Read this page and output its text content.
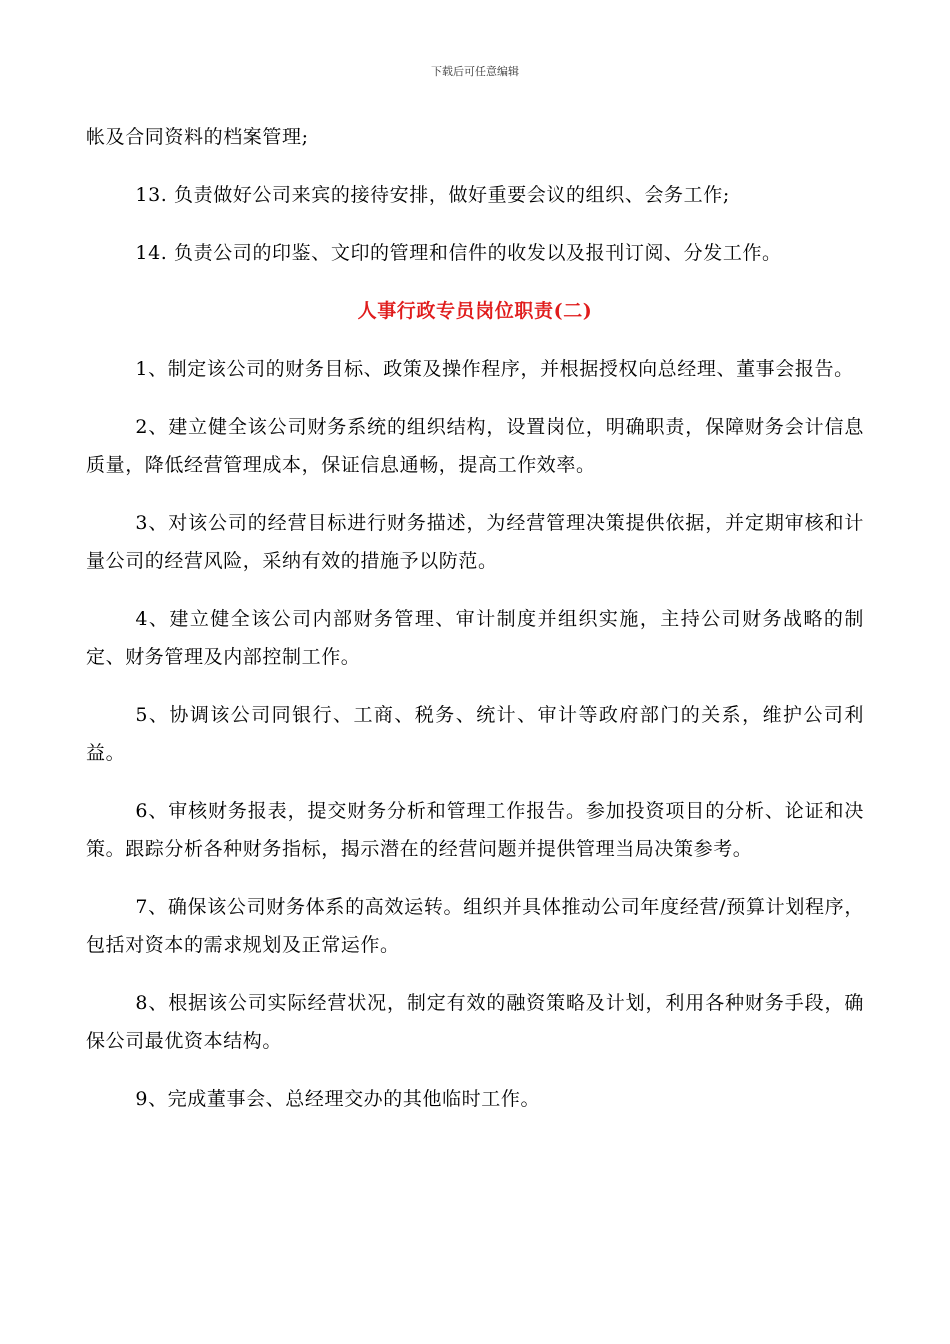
下载后可任意编辑

帐及合同资料的档案管理;

13. 负责做好公司来宾的接待安排，做好重要会议的组织、会务工作;

14. 负责公司的印鉴、文印的管理和信件的收发以及报刊订阅、分发工作。

人事行政专员岗位职责(二)

1、制定该公司的财务目标、政策及操作程序，并根据授权向总经理、董事会报告。

2、建立健全该公司财务系统的组织结构，设置岗位，明确职责，保障财务会计信息质量，降低经营管理成本，保证信息通畅，提高工作效率。

3、对该公司的经营目标进行财务描述，为经营管理决策提供依据，并定期审核和计量公司的经营风险，采纳有效的措施予以防范。

4、建立健全该公司内部财务管理、审计制度并组织实施，主持公司财务战略的制定、财务管理及内部控制工作。

5、协调该公司同银行、工商、税务、统计、审计等政府部门的关系，维护公司利益。

6、审核财务报表，提交财务分析和管理工作报告。参加投资项目的分析、论证和决策。跟踪分析各种财务指标，揭示潜在的经营问题并提供管理当局决策参考。

7、确保该公司财务体系的高效运转。组织并具体推动公司年度经营/预算计划程序，包括对资本的需求规划及正常运作。

8、根据该公司实际经营状况，制定有效的融资策略及计划，利用各种财务手段，确保公司最优资本结构。

9、完成董事会、总经理交办的其他临时工作。
